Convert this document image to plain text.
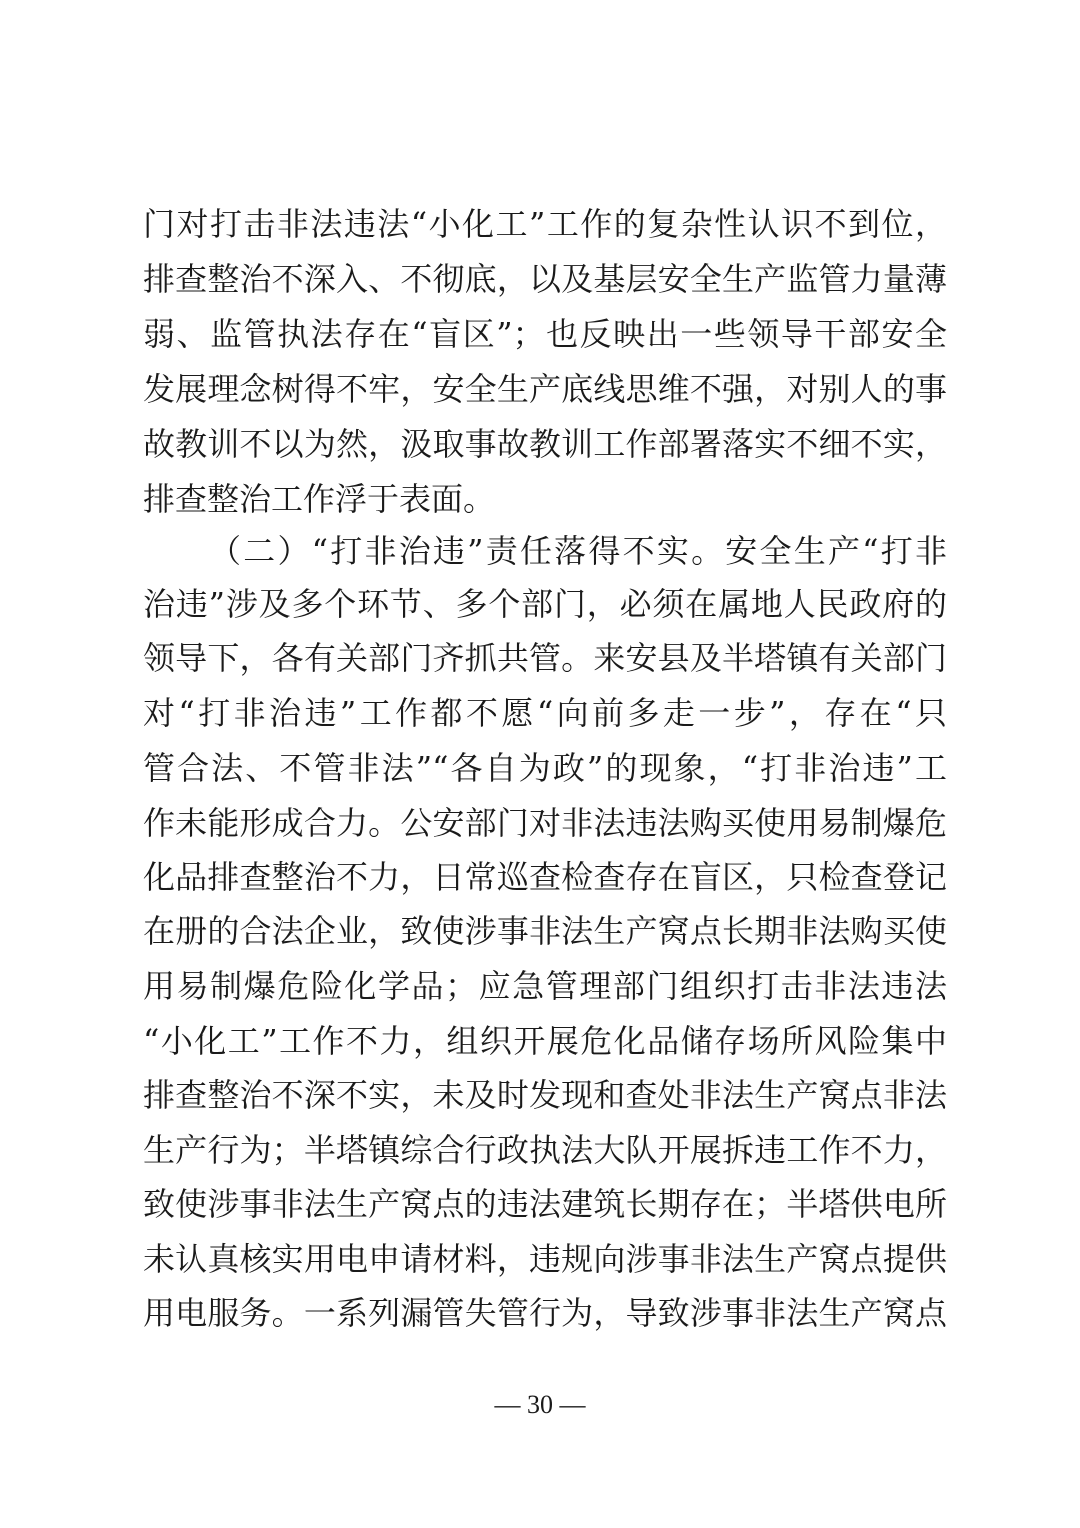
门对打击非法违法“小化工”工作的复杂性认识不到位，
排查整治不深入、不彻底，以及基层安全生产监管力量薄
弱、监管执法存在“盲区”；也反映出一些领导干部安全
发展理念树得不牢，安全生产底线思维不强，对别人的事
故教训不以为然，汲取事故教训工作部署落实不细不实，
排查整治工作浮于表面。
（二）“打非治违”责任落得不实。安全生产“打非
治违”涉及多个环节、多个部门，必须在属地人民政府的
领导下，各有关部门齐抓共管。来安县及半塔镇有关部门
对“打非治违”工作都不愿“向前多走一步”，存在“只
管合法、不管非法”“各自为政”的现象，“打非治违”工
作未能形成合力。公安部门对非法违法购买使用易制爆危
化品排查整治不力，日常巡查检查存在盲区，只检查登记
在册的合法企业，致使涉事非法生产窝点长期非法购买使
用易制爆危险化学品；应急管理部门组织打击非法违法
“小化工”工作不力，组织开展危化品储存场所风险集中
排查整治不深不实，未及时发现和查处非法生产窝点非法
生产行为；半塔镇综合行政执法大队开展拆违工作不力，
致使涉事非法生产窝点的违法建筑长期存在；半塔供电所
未认真核实用电申请材料，违规向涉事非法生产窝点提供
用电服务。一系列漏管失管行为，导致涉事非法生产窝点
— 30 —
